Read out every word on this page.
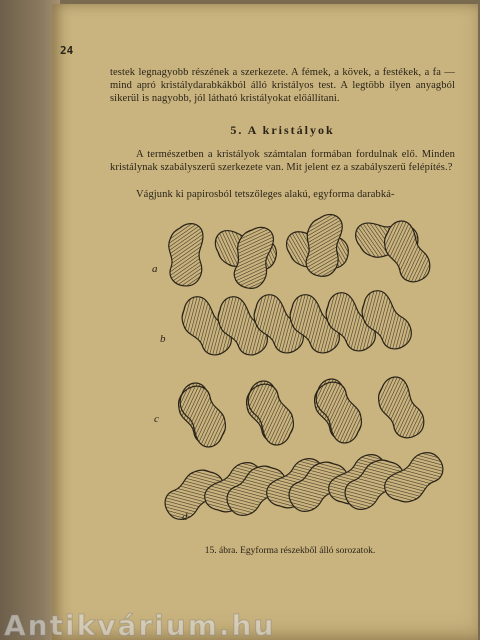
24

testek legnagyobb részének a szerkezete. A fémek, a kövek, a festékek, a fa — mind apró kristálydarabkákból álló kristályos test. A legtöbb ilyen anyagból sikerül is nagyobb, jól látható kristályokat előállítani.

5. A kristályok

A természetben a kristályok számtalan formában fordulnak elő. Minden kristálynak szabályszerű szerkezete van. Mit jelent ez a szabályszerű felépítés.?

Vágjunk ki papirosból tetszőleges alakú, egyforma darabká-

a
b
c
d

15. ábra. Egyforma részekből álló sorozatok.

Antikvárium.hu
